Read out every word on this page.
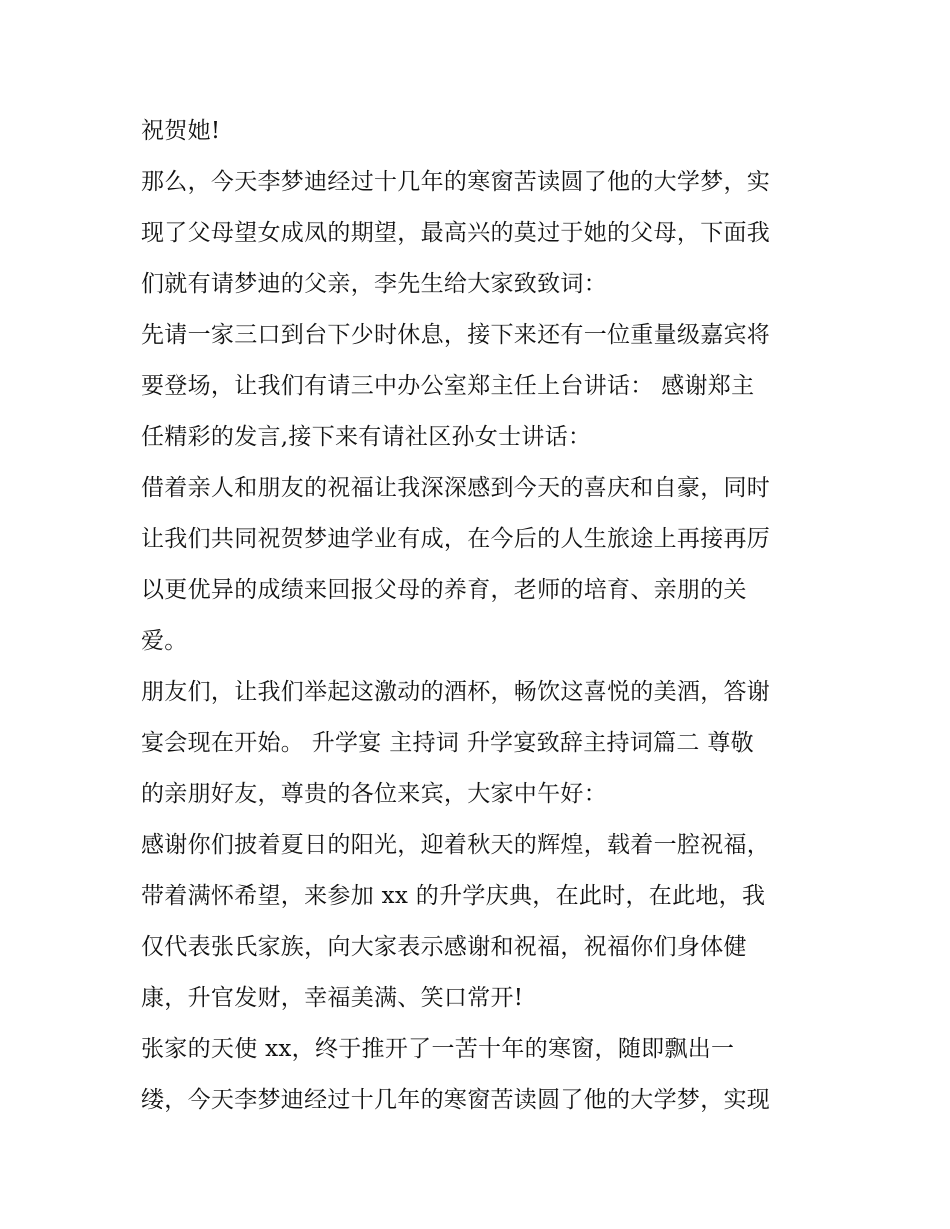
祝贺她!
那么，今天李梦迪经过十几年的寒窗苦读圆了他的大学梦，实
现了父母望女成凤的期望，最高兴的莫过于她的父母，下面我
们就有请梦迪的父亲，李先生给大家致致词：
先请一家三口到台下少时休息，接下来还有一位重量级嘉宾将
要登场，让我们有请三中办公室郑主任上台讲话： 感谢郑主
任精彩的发言,接下来有请社区孙女士讲话：
借着亲人和朋友的祝福让我深深感到今天的喜庆和自豪，同时
让我们共同祝贺梦迪学业有成，在今后的人生旅途上再接再厉
以更优异的成绩来回报父母的养育，老师的培育、亲朋的关
爱。
朋友们，让我们举起这激动的酒杯，畅饮这喜悦的美酒，答谢
宴会现在开始。 升学宴 主持词 升学宴致辞主持词篇二 尊敬
的亲朋好友，尊贵的各位来宾，大家中午好：
感谢你们披着夏日的阳光，迎着秋天的辉煌，载着一腔祝福，
带着满怀希望，来参加 xx 的升学庆典，在此时，在此地，我
仅代表张氏家族，向大家表示感谢和祝福，祝福你们身体健
康，升官发财，幸福美满、笑口常开!
张家的天使 xx，终于推开了一苦十年的寒窗，随即飘出一
缕，今天李梦迪经过十几年的寒窗苦读圆了他的大学梦，实现
